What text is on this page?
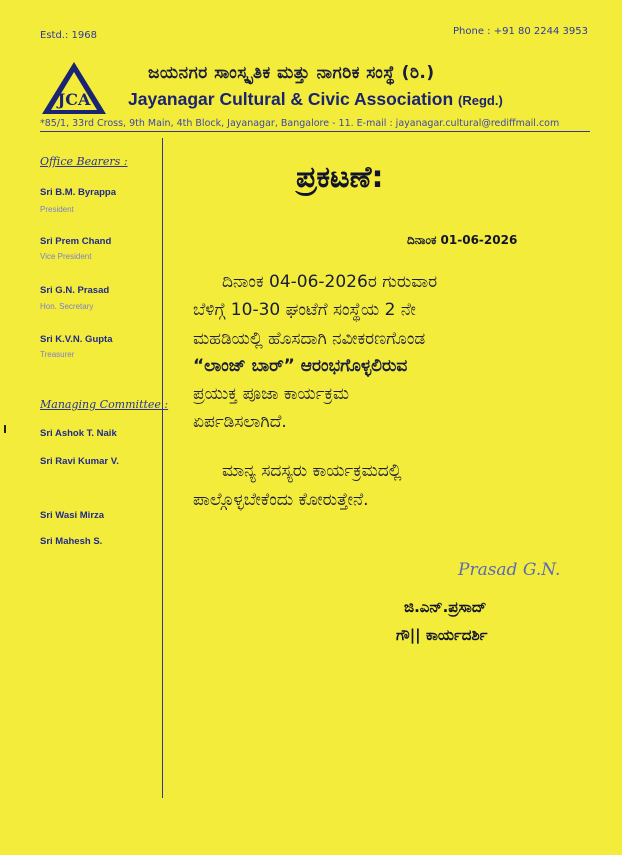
Estd.: 1968	Phone : +91 80 2244 3953
JCA
ಜಯನಗರ ಸಾಂಸ್ಕೃತಿಕ ಮತ್ತು ನಾಗರಿಕ ಸಂಸ್ಥೆ (ರಿ.)
Jayanagar Cultural & Civic Association (Regd.)
*85/1, 33rd Cross, 9th Main, 4th Block, Jayanagar, Bangalore - 11. E-mail : jayanagar.cultural@rediffmail.com
Office Bearers :
Sri B.M. Byrappa
President
Sri Prem Chand
Vice President
Sri G.N. Prasad
Hon. Secretary
Sri K.V.N. Gupta
Treasurer
Managing Committee :
Sri Ashok T. Naik
Sri Ravi Kumar V.
Sri Wasi Mirza
Sri Mahesh S.
ಪ್ರಕಟಣೆ:
ದಿನಾಂಕ 01-06-2026
ದಿನಾಂಕ 04-06-2026ರ ಗುರುವಾರ
ಬೆಳಿಗ್ಗೆ 10-30 ಘಂಟೆಗೆ ಸಂಸ್ಥೆಯ 2 ನೇ
ಮಹಡಿಯಲ್ಲಿ ಹೊಸದಾಗಿ ನವೀಕರಣಗೊಂಡ
“ಲಾಂಜ್ ಬಾರ್” ಆರಂಭಗೊಳ್ಳಲಿರುವ
ಪ್ರಯುಕ್ತ ಪೂಜಾ ಕಾರ್ಯಕ್ರಮ
ಏರ್ಪಡಿಸಲಾಗಿದೆ.
ಮಾನ್ಯ ಸದಸ್ಯರು ಕಾರ್ಯಕ್ರಮದಲ್ಲಿ
ಪಾಲ್ಗೊಳ್ಳಬೇಕೆಂದು ಕೋರುತ್ತೇನೆ.
Prasad G.N.
ಜಿ.ಎನ್.ಪ್ರಸಾದ್
ಗೌ|| ಕಾರ್ಯದರ್ಶಿ
